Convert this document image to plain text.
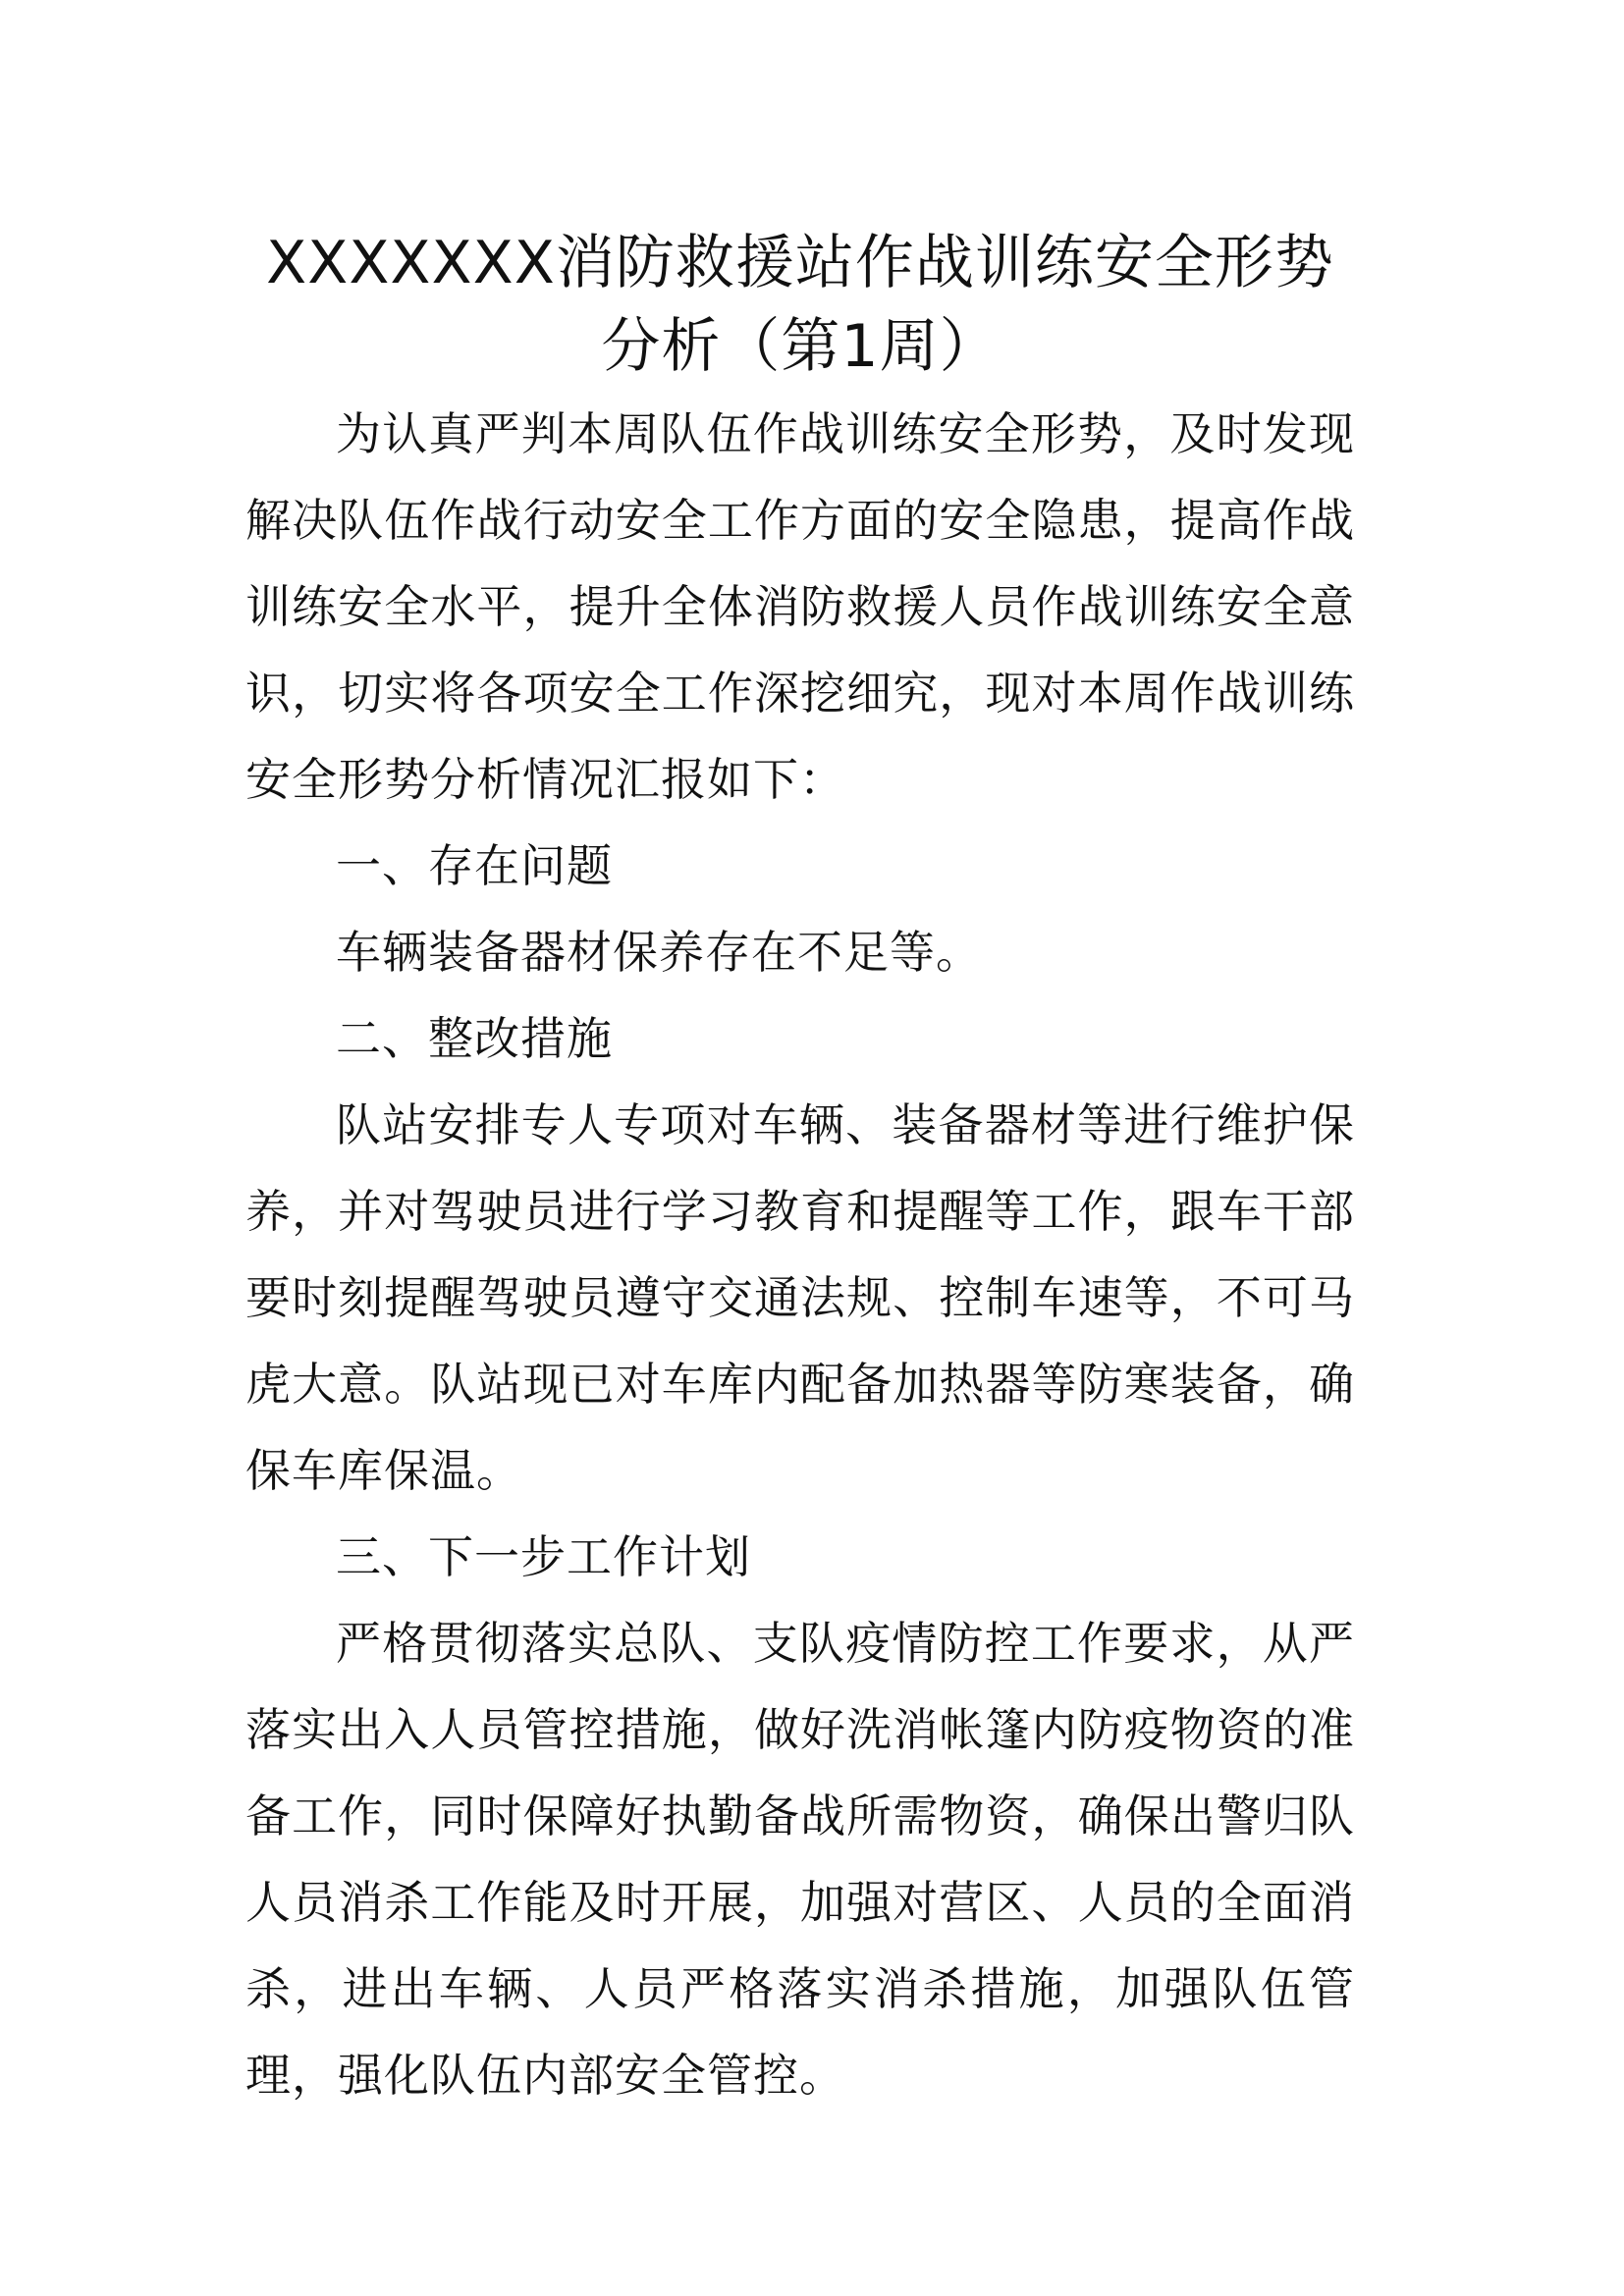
XXXXXXX消防救援站作战训练安全形势
分析（第1周）

为认真严判本周队伍作战训练安全形势，及时发现解决队伍作战行动安全工作方面的安全隐患，提高作战训练安全水平，提升全体消防救援人员作战训练安全意识，切实将各项安全工作深挖细究，现对本周作战训练安全形势分析情况汇报如下：

一、存在问题

车辆装备器材保养存在不足等。

二、整改措施

队站安排专人专项对车辆、装备器材等进行维护保养，并对驾驶员进行学习教育和提醒等工作，跟车干部要时刻提醒驾驶员遵守交通法规、控制车速等，不可马虎大意。队站现已对车库内配备加热器等防寒装备，确保车库保温。

三、下一步工作计划

严格贯彻落实总队、支队疫情防控工作要求，从严落实出入人员管控措施，做好洗消帐篷内防疫物资的准备工作，同时保障好执勤备战所需物资，确保出警归队人员消杀工作能及时开展，加强对营区、人员的全面消杀，进出车辆、人员严格落实消杀措施，加强队伍管理，强化队伍内部安全管控。
